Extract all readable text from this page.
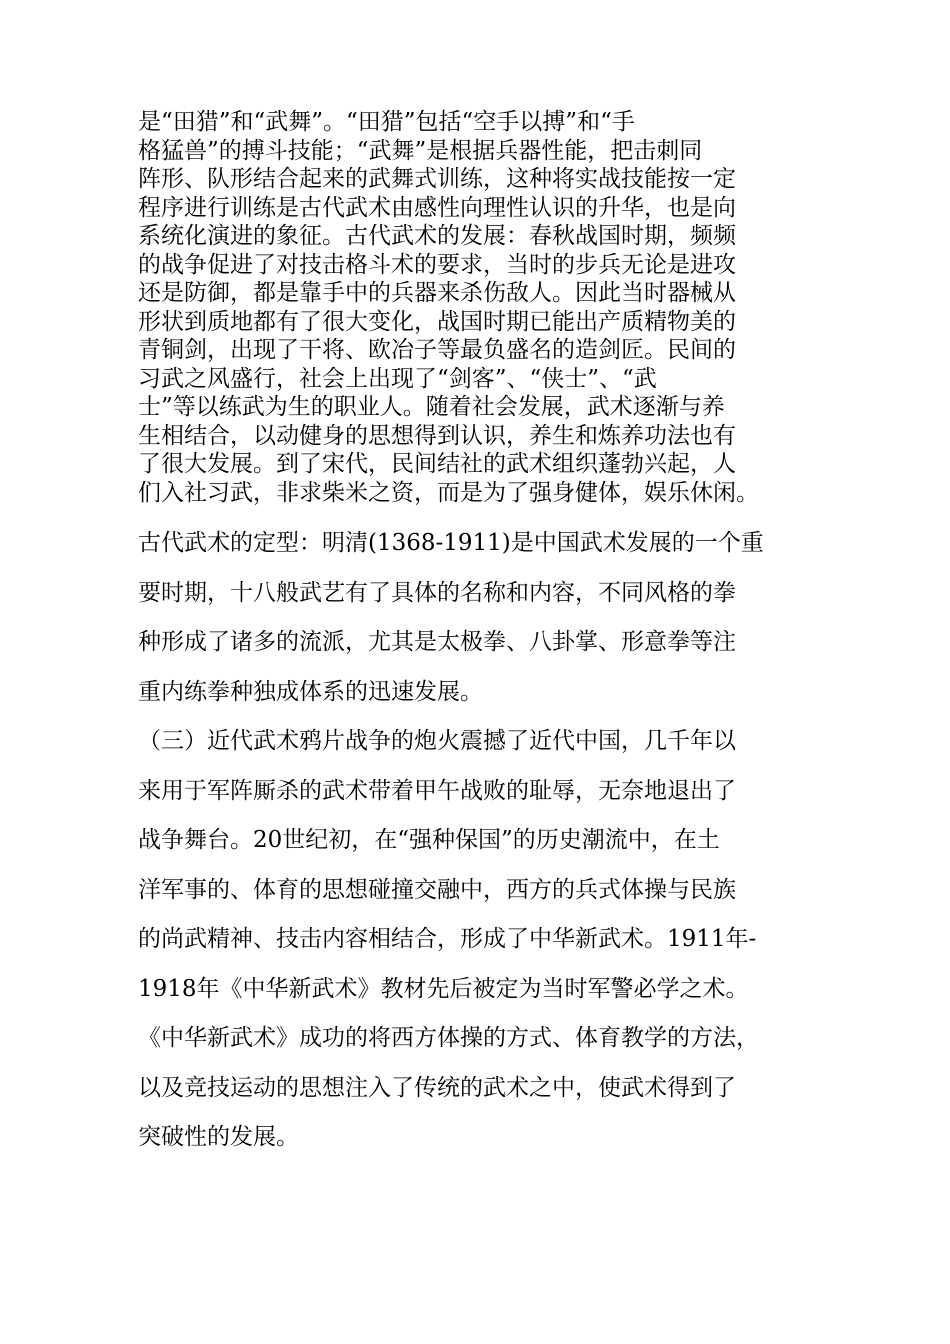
是“田猎”和“武舞”。“田猎”包括“空手以搏”和“手
格猛兽”的搏斗技能；“武舞”是根据兵器性能，把击刺同
阵形、队形结合起来的武舞式训练，这种将实战技能按一定
程序进行训练是古代武术由感性向理性认识的升华，也是向
系统化演进的象征。古代武术的发展：春秋战国时期，频频
的战争促进了对技击格斗术的要求，当时的步兵无论是进攻
还是防御，都是靠手中的兵器来杀伤敌人。因此当时器械从
形状到质地都有了很大变化，战国时期已能出产质精物美的
青铜剑，出现了干将、欧冶子等最负盛名的造剑匠。民间的
习武之风盛行，社会上出现了“剑客”、“侠士”、“武
士”等以练武为生的职业人。随着社会发展，武术逐渐与养
生相结合，以动健身的思想得到认识，养生和炼养功法也有
了很大发展。到了宋代，民间结社的武术组织蓬勃兴起，人
们入社习武，非求柴米之资，而是为了强身健体，娱乐休闲。
古代武术的定型：明清(1368-1911)是中国武术发展的一个重
要时期，十八般武艺有了具体的名称和内容，不同风格的拳
种形成了诸多的流派，尤其是太极拳、八卦掌、形意拳等注
重内练拳种独成体系的迅速发展。
（三）近代武术鸦片战争的炮火震撼了近代中国，几千年以
来用于军阵厮杀的武术带着甲午战败的耻辱，无奈地退出了
战争舞台。20世纪初，在“强种保国”的历史潮流中，在土
洋军事的、体育的思想碰撞交融中，西方的兵式体操与民族
的尚武精神、技击内容相结合，形成了中华新武术。1911年-
1918年《中华新武术》教材先后被定为当时军警必学之术。
《中华新武术》成功的将西方体操的方式、体育教学的方法，
以及竞技运动的思想注入了传统的武术之中，使武术得到了
突破性的发展。
